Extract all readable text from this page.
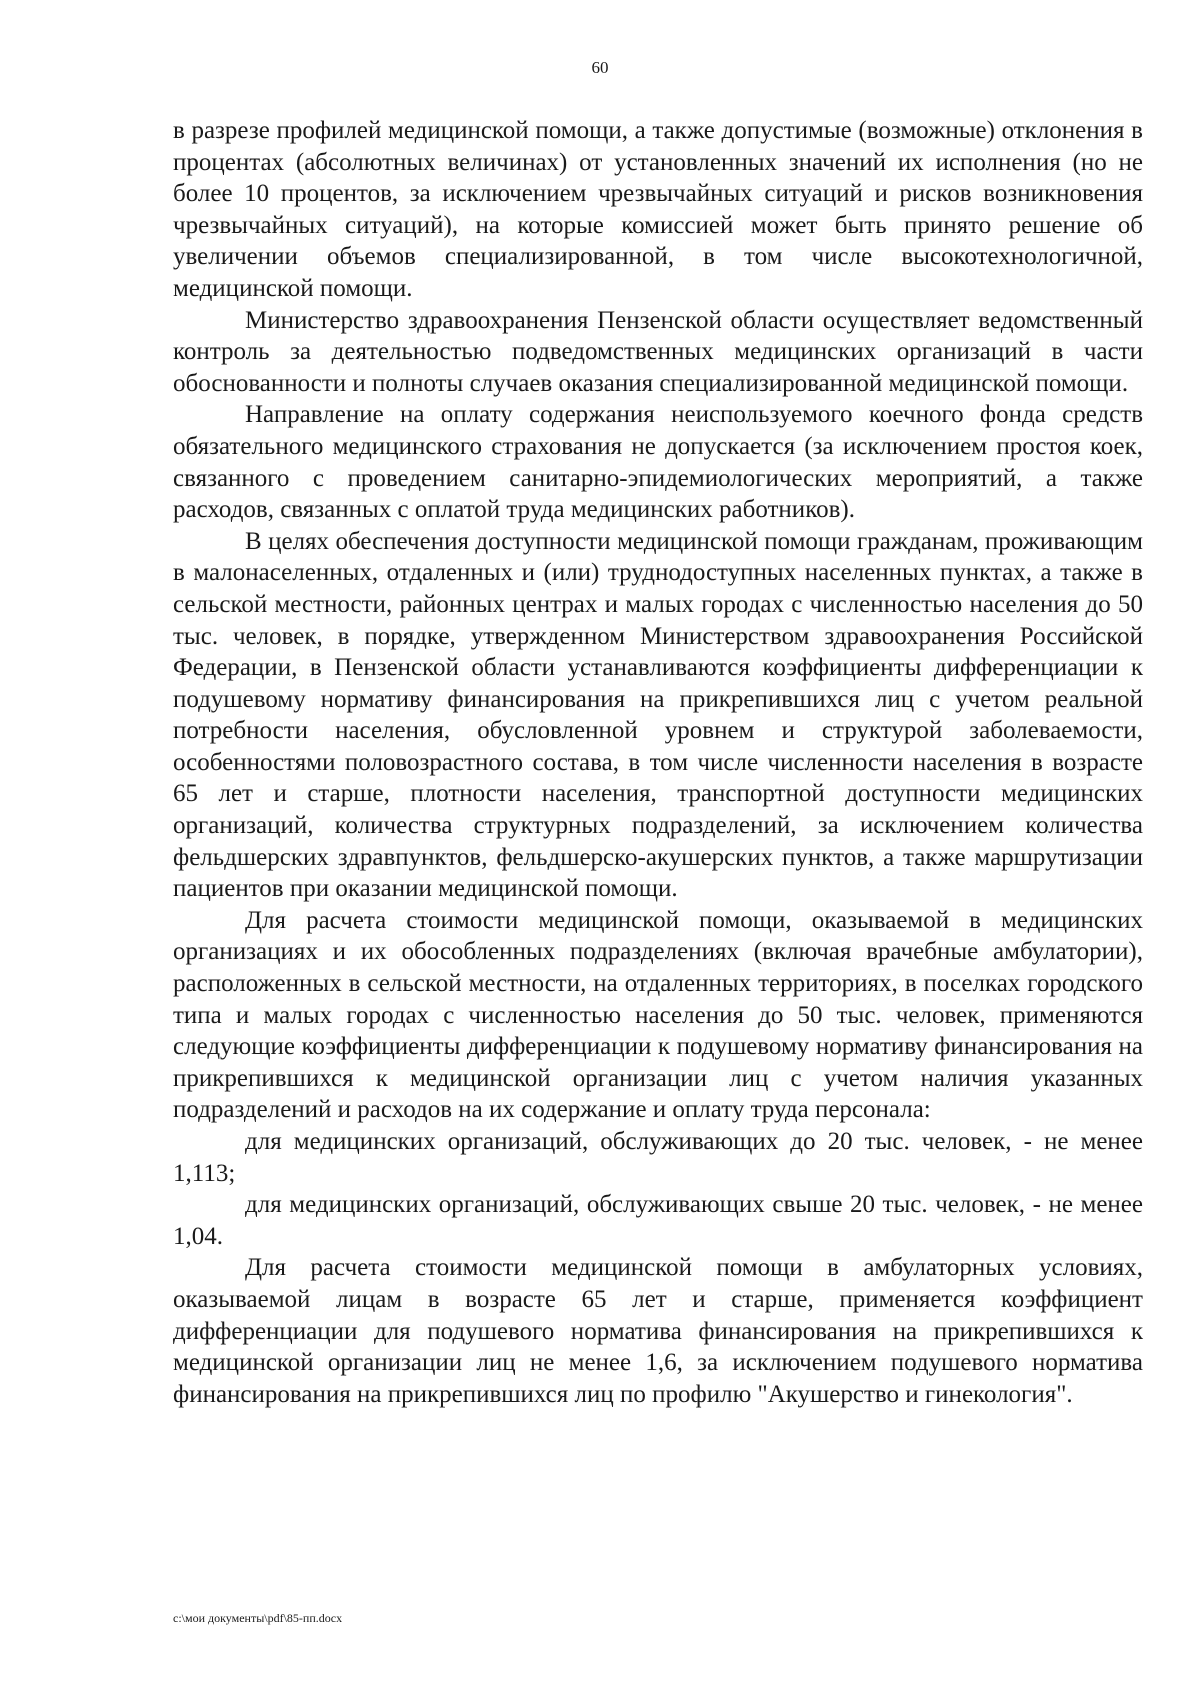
60

в разрезе профилей медицинской помощи, а также допустимые (возможные) отклонения в процентах (абсолютных величинах) от установленных значений их исполнения (но не более 10 процентов, за исключением чрезвычайных ситуаций и рисков возникновения чрезвычайных ситуаций), на которые комиссией может быть принято решение об увеличении объемов специализированной, в том числе высокотехнологичной, медицинской помощи.

Министерство здравоохранения Пензенской области осуществляет ведомственный контроль за деятельностью подведомственных медицинских организаций в части обоснованности и полноты случаев оказания специализированной медицинской помощи.

Направление на оплату содержания неиспользуемого коечного фонда средств обязательного медицинского страхования не допускается (за исключением простоя коек, связанного с проведением санитарно-эпидемиологических мероприятий, а также расходов, связанных с оплатой труда медицинских работников).

В целях обеспечения доступности медицинской помощи гражданам, проживающим в малонаселенных, отдаленных и (или) труднодоступных населенных пунктах, а также в сельской местности, районных центрах и малых городах с численностью населения до 50 тыс. человек, в порядке, утвержденном Министерством здравоохранения Российской Федерации, в Пензенской области устанавливаются коэффициенты дифференциации к подушевому нормативу финансирования на прикрепившихся лиц с учетом реальной потребности населения, обусловленной уровнем и структурой заболеваемости, особенностями половозрастного состава, в том числе численности населения в возрасте 65 лет и старше, плотности населения, транспортной доступности медицинских организаций, количества структурных подразделений, за исключением количества фельдшерских здравпунктов, фельдшерско-акушерских пунктов, а также маршрутизации пациентов при оказании медицинской помощи.

Для расчета стоимости медицинской помощи, оказываемой в медицинских организациях и их обособленных подразделениях (включая врачебные амбулатории), расположенных в сельской местности, на отдаленных территориях, в поселках городского типа и малых городах с численностью населения до 50 тыс. человек, применяются следующие коэффициенты дифференциации к подушевому нормативу финансирования на прикрепившихся к медицинской организации лиц с учетом наличия указанных подразделений и расходов на их содержание и оплату труда персонала:

для медицинских организаций, обслуживающих до 20 тыс. человек, - не менее 1,113;

для медицинских организаций, обслуживающих свыше 20 тыс. человек, - не менее 1,04.

Для расчета стоимости медицинской помощи в амбулаторных условиях, оказываемой лицам в возрасте 65 лет и старше, применяется коэффициент дифференциации для подушевого норматива финансирования на прикрепившихся к медицинской организации лиц не менее 1,6, за исключением подушевого норматива финансирования на прикрепившихся лиц по профилю "Акушерство и гинекология".

c:\мои документы\pdf\85-пп.docx
